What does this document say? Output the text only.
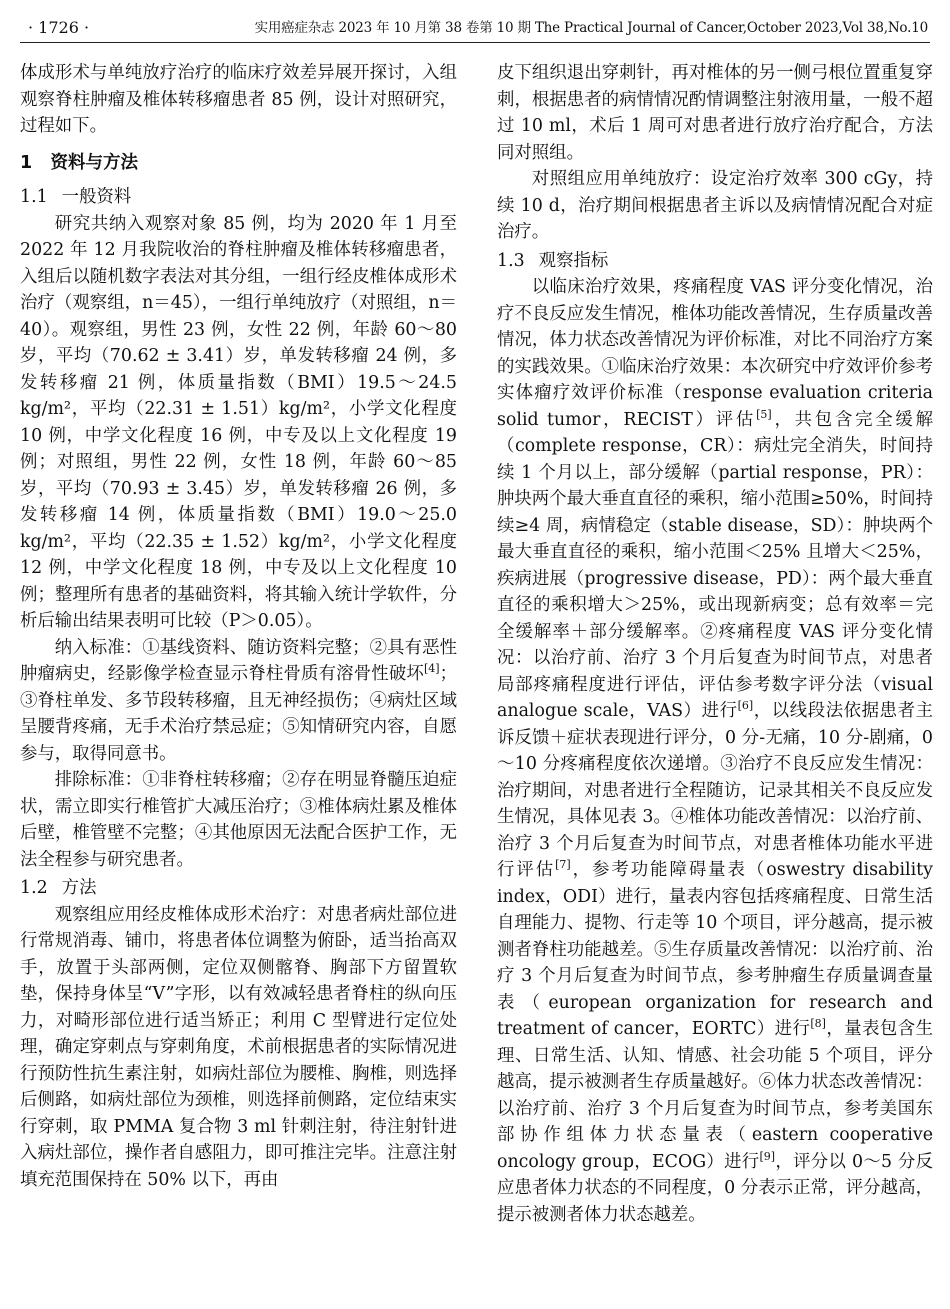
· 1726 ·	实用癌症杂志 2023 年 10 月第 38 卷第 10 期 The Practical Journal of Cancer,October 2023,Vol 38,No.10

体成形术与单纯放疗治疗的临床疗效差异展开探讨，入组观察脊柱肿瘤及椎体转移瘤患者 85 例，设计对照研究，过程如下。

1 资料与方法

1.1 一般资料

研究共纳入观察对象 85 例，均为 2020 年 1 月至 2022 年 12 月我院收治的脊柱肿瘤及椎体转移瘤患者，入组后以随机数字表法对其分组，一组行经皮椎体成形术治疗（观察组，n＝45），一组行单纯放疗（对照组，n＝40）。观察组，男性 23 例，女性 22 例，年龄 60～80 岁，平均（70.62 ± 3.41）岁，单发转移瘤 24 例，多发转移瘤 21 例，体质量指数（BMI）19.5～24.5 kg/m²，平均（22.31 ± 1.51）kg/m²，小学文化程度 10 例，中学文化程度 16 例，中专及以上文化程度 19 例；对照组，男性 22 例，女性 18 例，年龄 60～85 岁，平均（70.93 ± 3.45）岁，单发转移瘤 26 例，多发转移瘤 14 例，体质量指数（BMI）19.0～25.0 kg/m²，平均（22.35 ± 1.52）kg/m²，小学文化程度 12 例，中学文化程度 18 例，中专及以上文化程度 10 例；整理所有患者的基础资料，将其输入统计学软件，分析后输出结果表明可比较（P＞0.05）。

纳入标准：①基线资料、随访资料完整；②具有恶性肿瘤病史，经影像学检查显示脊柱骨质有溶骨性破坏[4]；③脊柱单发、多节段转移瘤，且无神经损伤；④病灶区域呈腰背疼痛，无手术治疗禁忌症；⑤知情研究内容，自愿参与，取得同意书。

排除标准：①非脊柱转移瘤；②存在明显脊髓压迫症状，需立即实行椎管扩大减压治疗；③椎体病灶累及椎体后壁，椎管壁不完整；④其他原因无法配合医护工作，无法全程参与研究患者。

1.2 方法

观察组应用经皮椎体成形术治疗：对患者病灶部位进行常规消毒、铺巾，将患者体位调整为俯卧，适当抬高双手，放置于头部两侧，定位双侧髂脊、胸部下方留置软垫，保持身体呈“V”字形，以有效减轻患者脊柱的纵向压力，对畸形部位进行适当矫正；利用 C 型臂进行定位处理，确定穿刺点与穿刺角度，术前根据患者的实际情况进行预防性抗生素注射，如病灶部位为腰椎、胸椎，则选择后侧路，如病灶部位为颈椎，则选择前侧路，定位结束实行穿刺，取 PMMA 复合物 3 ml 针刺注射，待注射针进入病灶部位，操作者自感阻力，即可推注完毕。注意注射填充范围保持在 50% 以下，再由

皮下组织退出穿刺针，再对椎体的另一侧弓根位置重复穿刺，根据患者的病情情况酌情调整注射液用量，一般不超过 10 ml，术后 1 周可对患者进行放疗治疗配合，方法同对照组。

对照组应用单纯放疗：设定治疗效率 300 cGy，持续 10 d，治疗期间根据患者主诉以及病情情况配合对症治疗。

1.3 观察指标

以临床治疗效果，疼痛程度 VAS 评分变化情况，治疗不良反应发生情况，椎体功能改善情况，生存质量改善情况，体力状态改善情况为评价标准，对比不同治疗方案的实践效果。①临床治疗效果：本次研究中疗效评价参考实体瘤疗效评价标准（response evaluation criteria solid tumor，RECIST）评估[5]，共包含完全缓解（complete response，CR）：病灶完全消失，时间持续 1 个月以上，部分缓解（partial response，PR）：肿块两个最大垂直直径的乘积，缩小范围≥50%，时间持续≥4 周，病情稳定（stable disease，SD）：肿块两个最大垂直直径的乘积，缩小范围＜25% 且增大＜25%，疾病进展（progressive disease，PD）：两个最大垂直直径的乘积增大＞25%，或出现新病变；总有效率＝完全缓解率＋部分缓解率。②疼痛程度 VAS 评分变化情况：以治疗前、治疗 3 个月后复查为时间节点，对患者局部疼痛程度进行评估，评估参考数字评分法（visual analogue scale，VAS）进行[6]，以线段法依据患者主诉反馈＋症状表现进行评分，0 分-无痛，10 分-剧痛，0～10 分疼痛程度依次递增。③治疗不良反应发生情况：治疗期间，对患者进行全程随访，记录其相关不良反应发生情况，具体见表 3。④椎体功能改善情况：以治疗前、治疗 3 个月后复查为时间节点，对患者椎体功能水平进行评估[7]，参考功能障碍量表（oswestry disability index，ODI）进行，量表内容包括疼痛程度、日常生活自理能力、提物、行走等 10 个项目，评分越高，提示被测者脊柱功能越差。⑤生存质量改善情况：以治疗前、治疗 3 个月后复查为时间节点，参考肿瘤生存质量调查量表（european organization for research and treatment of cancer，EORTC）进行[8]，量表包含生理、日常生活、认知、情感、社会功能 5 个项目，评分越高，提示被测者生存质量越好。⑥体力状态改善情况：以治疗前、治疗 3 个月后复查为时间节点，参考美国东部协作组体力状态量表（eastern cooperative oncology group，ECOG）进行[9]，评分以 0～5 分反应患者体力状态的不同程度，0 分表示正常，评分越高，提示被测者体力状态越差。
